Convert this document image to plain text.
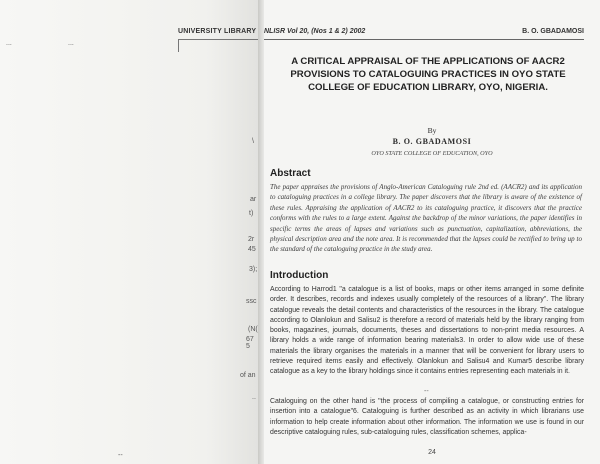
UNIVERSITY LIBRARY
...	...
\
ar
t)
2r
45
3);
ssc
(N(
67 5
of an
..
--
NLISR Vol 20, (Nos 1 & 2) 2002	B. O. GBADAMOSI
A CRITICAL APPRAISAL OF THE APPLICATIONS OF AACR2 PROVISIONS TO CATALOGUING PRACTICES IN OYO STATE COLLEGE OF EDUCATION LIBRARY, OYO, NIGERIA.
By
B. O. GBADAMOSI
OYO STATE COLLEGE OF EDUCATION, OYO
Abstract
The paper appraises the provisions of Anglo-American Cataloguing rule 2nd ed. (AACR2) and its application to cataloguing practices in a college library. The paper discovers that the library is aware of the existence of these rules. Appraising the application of AACR2 to its cataloguing practice, it discovers that the practice conforms with the rules to a large extent. Against the backdrop of the minor variations, the paper identifies in specific terms the areas of lapses and variations such as punctuation, capitalization, abbreviations, the physical description area and the note area. It is recommended that the lapses could be rectified to bring up to the standard of the cataloguing practice in the study area.
Introduction
According to Harrod1 "a catalogue is a list of books, maps or other items arranged in some definite order. It describes, records and indexes usually completely of the resources of a library". The library catalogue reveals the detail contents and characteristics of the resources in the library. The catalogue according to Olanlokun and Salisu2 is therefore a record of materials held by the library ranging from books, magazines, journals, documents, theses and dissertations to non-print media resources. A library holds a wide range of information bearing materials3. In order to allow wide use of these materials the library organises the materials in a manner that will be convenient for library users to retrieve required items easily and effectively. Olanlokun and Salisu4 and Kumar5 describe library catalogue as a key to the library holdings since it contains entries representing each materials in it.
--
Cataloguing on the other hand is "the process of compiling a catalogue, or constructing entries for insertion into a catalogue"6. Cataloguing is further described as an activity in which librarians use information to help create information about other information. The information we use is found in our descriptive cataloguing rules, sub-cataloguing rules, classification schemes, applica-
24
